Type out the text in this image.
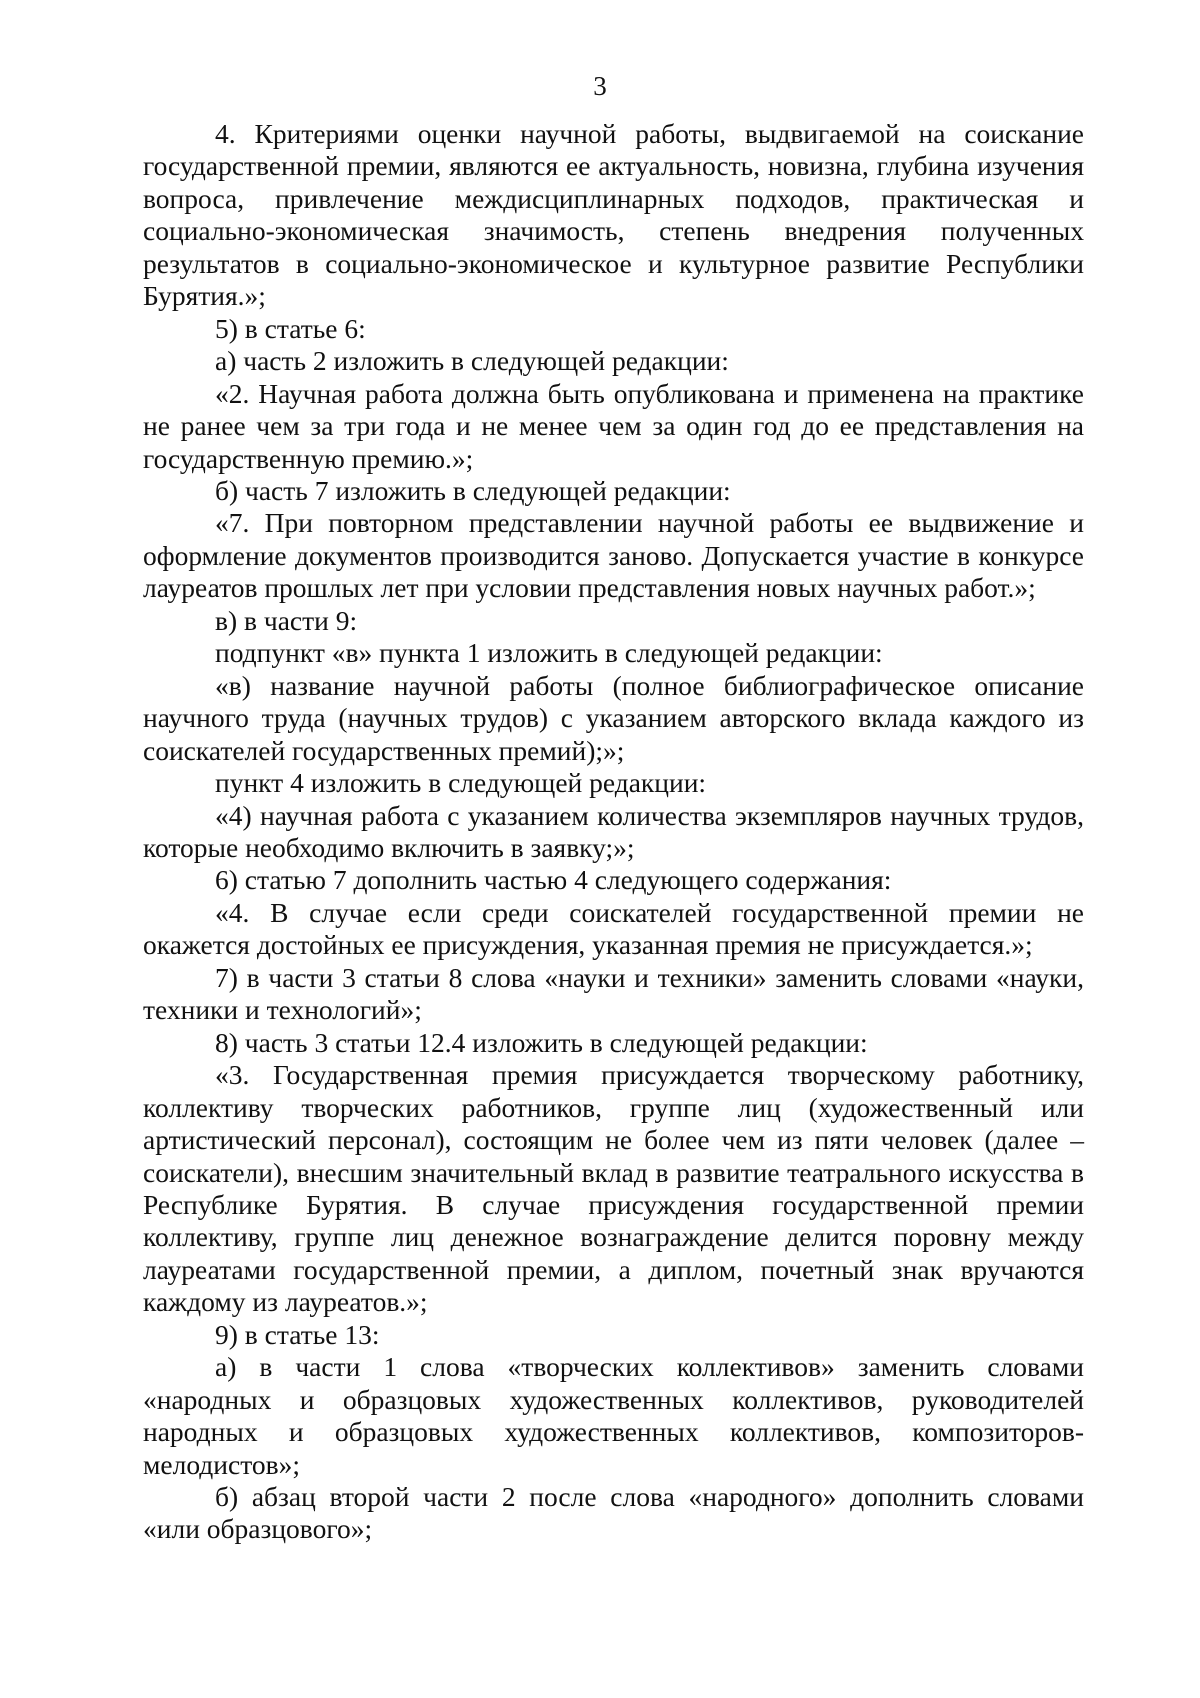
3

4. Критериями оценки научной работы, выдвигаемой на соискание государственной премии, являются ее актуальность, новизна, глубина изучения вопроса, привлечение междисциплинарных подходов, практическая и социально-экономическая значимость, степень внедрения полученных результатов в социально-экономическое и культурное развитие Республики Бурятия.»;

5) в статье 6:

а) часть 2 изложить в следующей редакции:

«2. Научная работа должна быть опубликована и применена на практике не ранее чем за три года и не менее чем за один год до ее представления на государственную премию.»;

б) часть 7 изложить в следующей редакции:

«7. При повторном представлении научной работы ее выдвижение и оформление документов производится заново. Допускается участие в конкурсе лауреатов прошлых лет при условии представления новых научных работ.»;

в) в части 9:

подпункт «в» пункта 1 изложить в следующей редакции:

«в) название научной работы (полное библиографическое описание научного труда (научных трудов) с указанием авторского вклада каждого из соискателей государственных премий);»;

пункт 4 изложить в следующей редакции:

«4) научная работа с указанием количества экземпляров научных трудов, которые необходимо включить в заявку;»;

6) статью 7 дополнить частью 4 следующего содержания:

«4. В случае если среди соискателей государственной премии не окажется достойных ее присуждения, указанная премия не присуждается.»;

7) в части 3 статьи 8 слова «науки и техники» заменить словами «науки, техники и технологий»;

8) часть 3 статьи 12.4 изложить в следующей редакции:

«3. Государственная премия присуждается творческому работнику, коллективу творческих работников, группе лиц (художественный или артистический персонал), состоящим не более чем из пяти человек (далее – соискатели), внесшим значительный вклад в развитие театрального искусства в Республике Бурятия. В случае присуждения государственной премии коллективу, группе лиц денежное вознаграждение делится поровну между лауреатами государственной премии, а диплом, почетный знак вручаются каждому из лауреатов.»;

9) в статье 13:

а) в части 1 слова «творческих коллективов» заменить словами «народных и образцовых художественных коллективов, руководителей народных и образцовых художественных коллективов, композиторов-мелодистов»;

б) абзац второй части 2 после слова «народного» дополнить словами «или образцового»;
